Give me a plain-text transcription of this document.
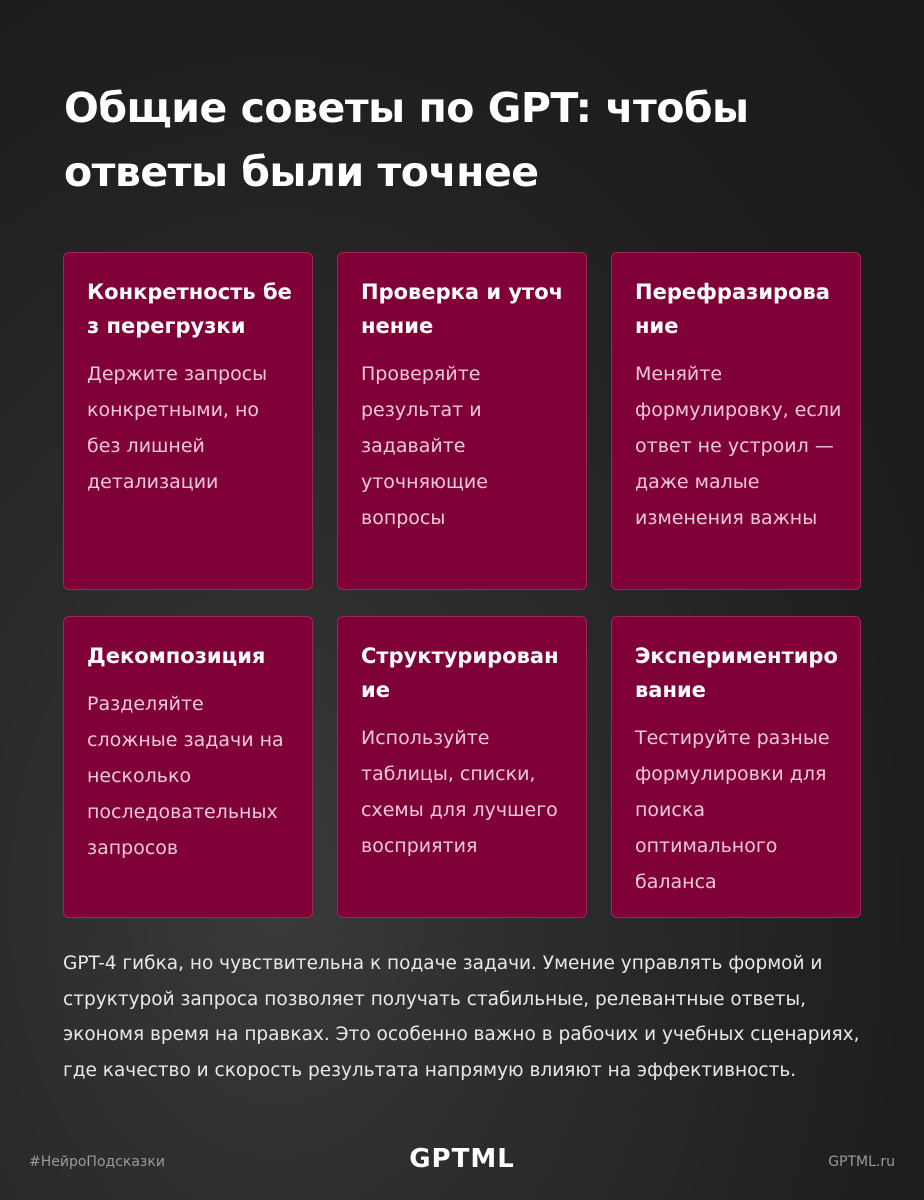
Общие советы по GPT: чтобы ответы были точнее
Конкретность без перегрузки
Держите запросы конкретными, но без лишней детализации
Проверка и уточнение
Проверяйте результат и задавайте уточняющие вопросы
Перефразирование
Меняйте формулировку, если ответ не устроил — даже малые изменения важны
Декомпозиция
Разделяйте сложные задачи на несколько последовательных запросов
Структурирование
Используйте таблицы, списки, схемы для лучшего восприятия
Экспериментирование
Тестируйте разные формулировки для поиска оптимального баланса

GPT-4 гибка, но чувствительна к подаче задачи. Умение управлять формой и структурой запроса позволяет получать стабильные, релевантные ответы, экономя время на правках. Это особенно важно в рабочих и учебных сценариях, где качество и скорость результата напрямую влияют на эффективность.

#НейроПодсказки	GPTML.ru
GPTML
